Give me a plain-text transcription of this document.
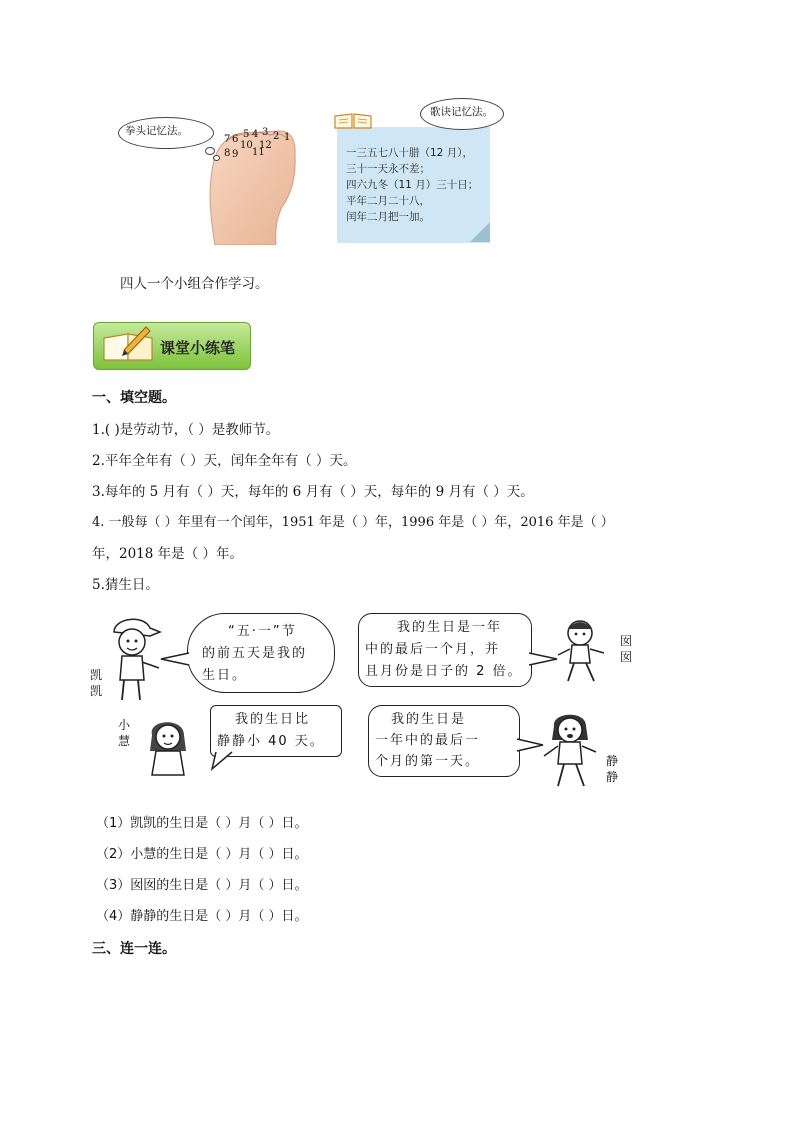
拳头记忆法。
7 6 5 4 3 2 1
8 9
10
11
12
歌诀记忆法。
一三五七八十腊（12 月），
三十一天永不差；
四六九冬（11 月）三十日；
平年二月二十八，
闰年二月把一加。
四人一个小组合作学习。
课堂小练笔
一、填空题。
1.( )是劳动节，（ ）是教师节。
2.平年全年有（ ）天，闰年全年有（ ）天。
3.每年的 5 月有（ ）天，每年的 6 月有（ ）天，每年的 9 月有（ ）天。
4. 一般每（ ）年里有一个闰年，1951 年是（ ）年，1996 年是（ ）年，2016 年是（ ）
年，2018 年是（ ）年。
5.猜生日。
凯凯
“五·一”节
的前五天是我的
生日。
我的生日是一年
中的最后一个月，并
且月份是日子的 2 倍。
囡囡
小慧
我的生日比
静静小 40 天。
我的生日是
一年中的最后一
个月的第一天。	静静
（1）凯凯的生日是（ ）月（ ）日。
（2）小慧的生日是（ ）月（ ）日。
（3）囡囡的生日是（ ）月（ ）日。
（4）静静的生日是（ ）月（ ）日。
三、连一连。
